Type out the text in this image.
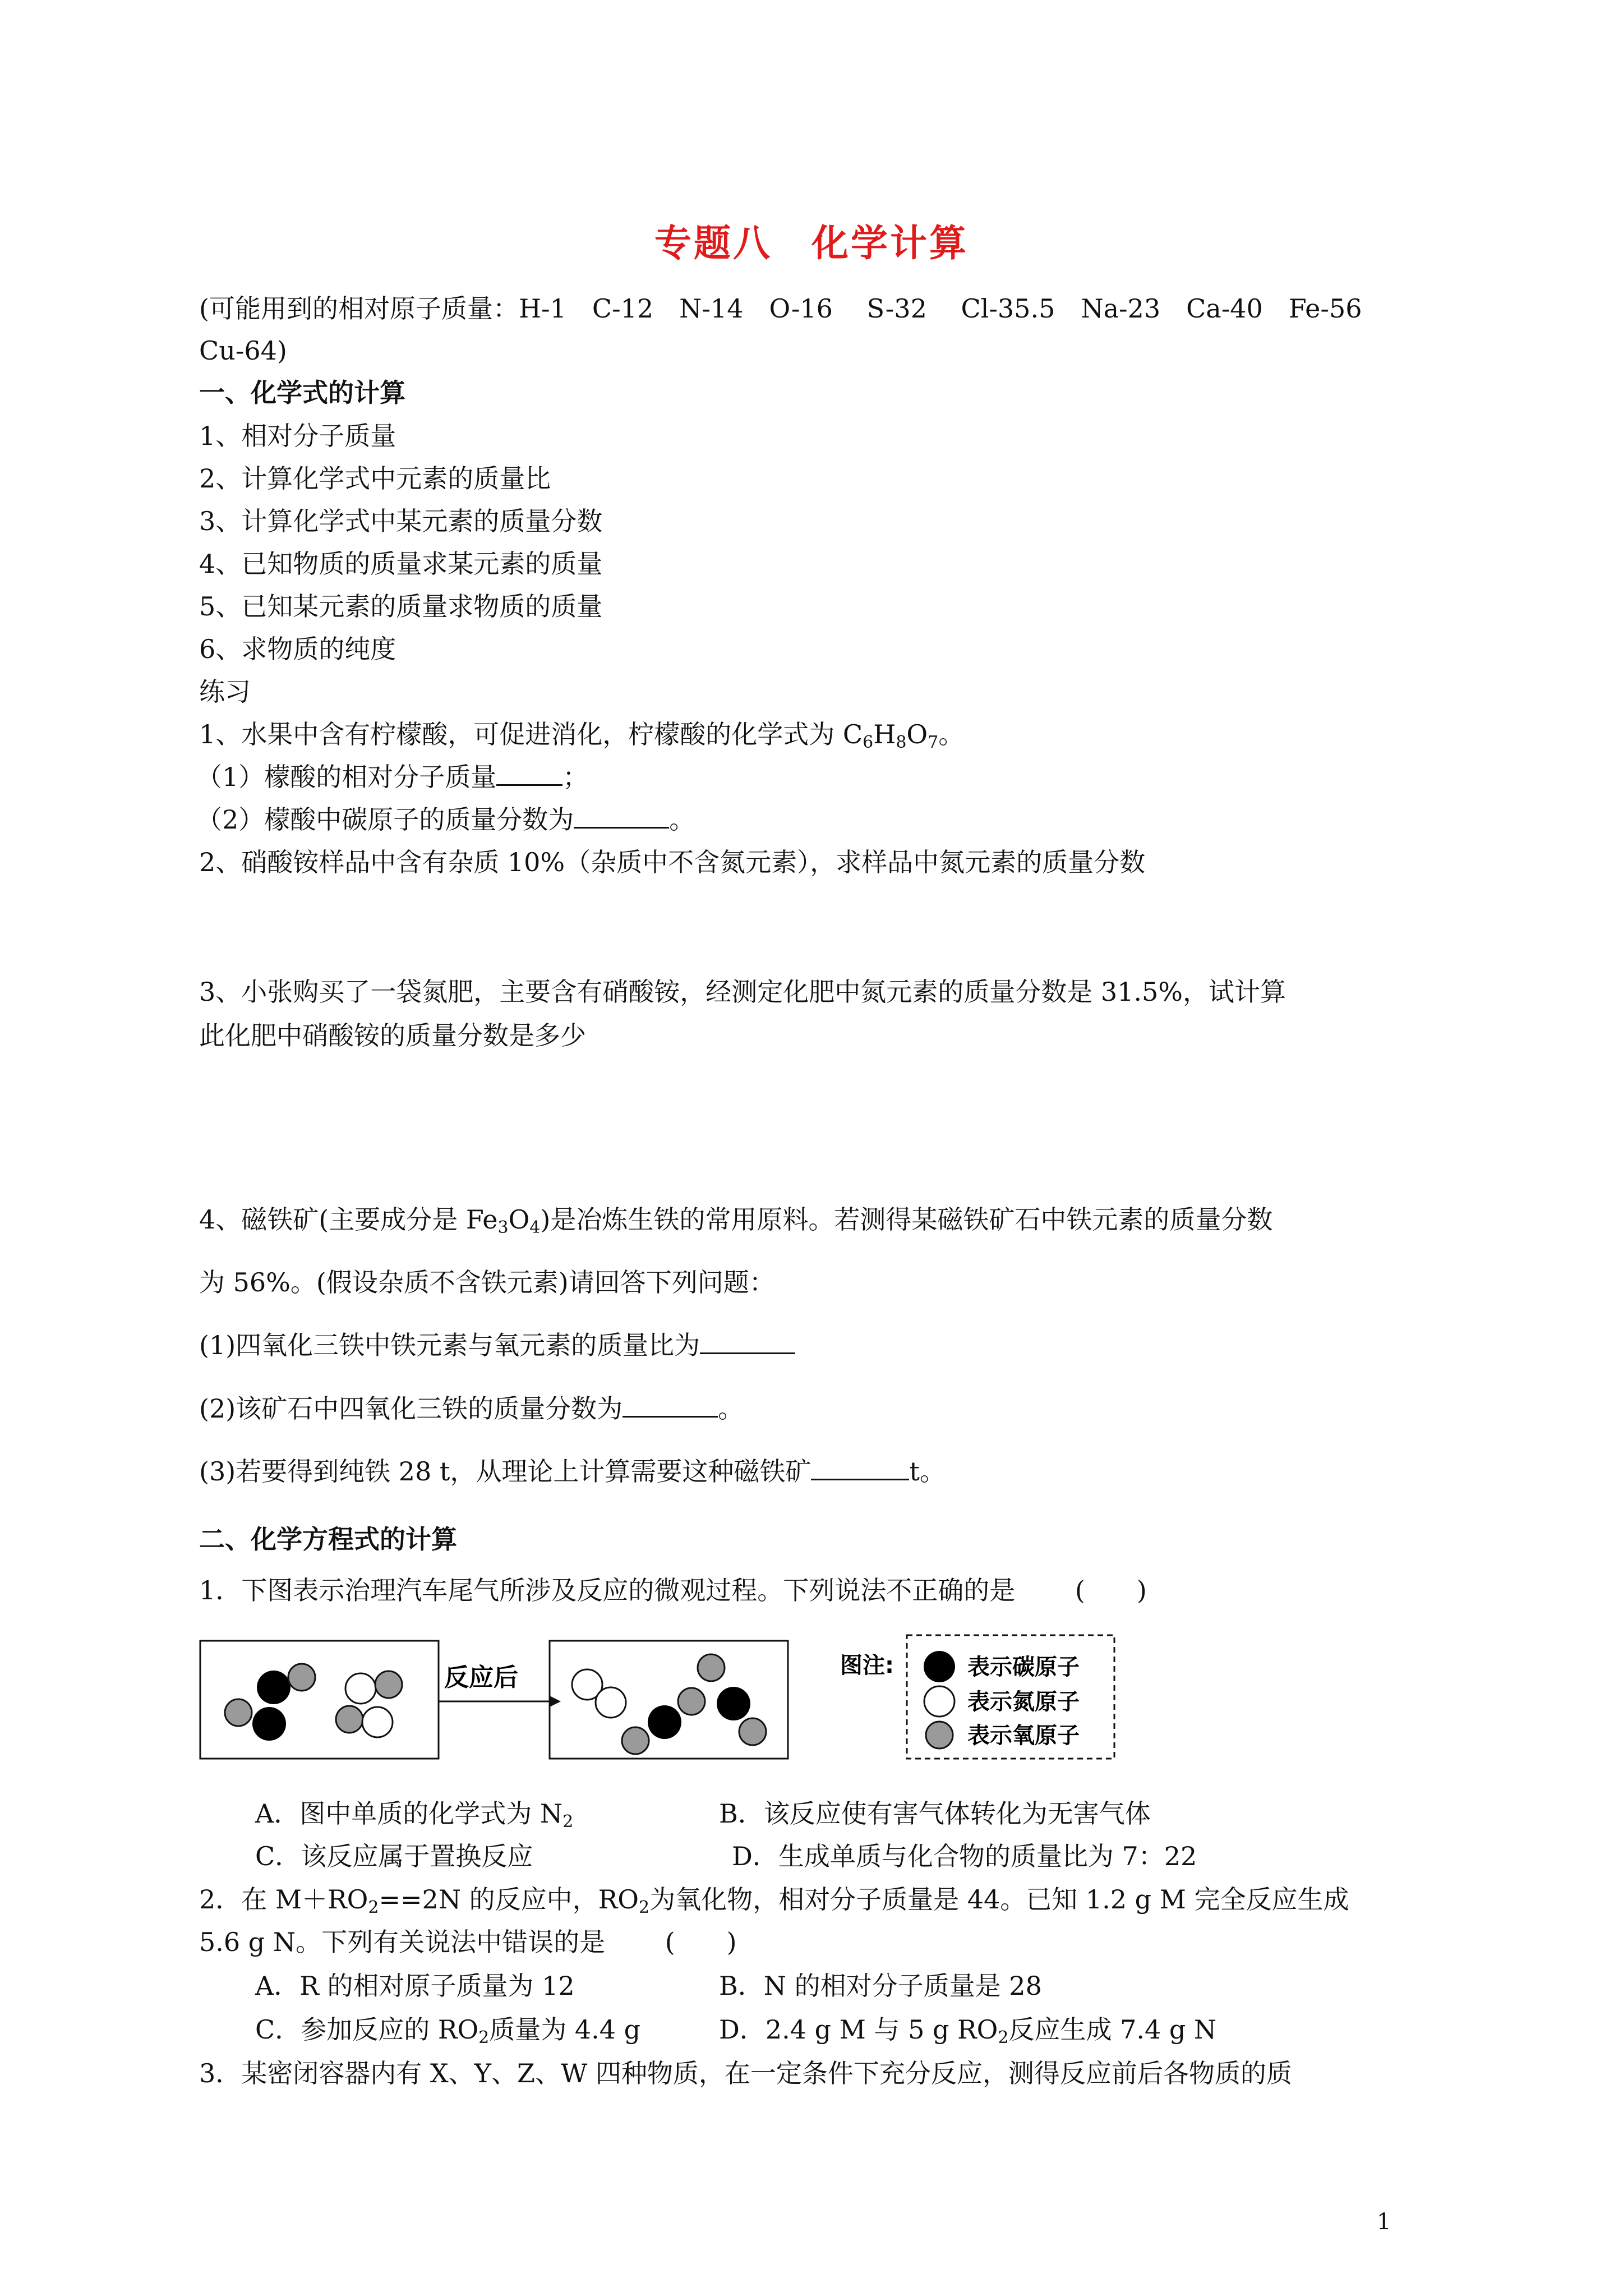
专题八　化学计算
(可能用到的相对原子质量：H-1　C-12　N-14　O-16　 S-32　 Cl-35.5　Na-23　Ca-40　Fe-56
Cu-64)
一、化学式的计算
1、相对分子质量
2、计算化学式中元素的质量比
3、计算化学式中某元素的质量分数
4、已知物质的质量求某元素的质量
5、已知某元素的质量求物质的质量
6、求物质的纯度
练习
1、水果中含有柠檬酸，可促进消化，柠檬酸的化学式为 $C_6H_8O_7$。
（1）檬酸的相对分子质量	；
（2）檬酸中碳原子的质量分数为	。
2、硝酸铵样品中含有杂质 10%（杂质中不含氮元素），求样品中氮元素的质量分数
3、小张购买了一袋氮肥，主要含有硝酸铵，经测定化肥中氮元素的质量分数是 31.5%，试计算
此化肥中硝酸铵的质量分数是多少
4、磁铁矿(主要成分是 $Fe_3O_4$)是冶炼生铁的常用原料。若测得某磁铁矿石中铁元素的质量分数
为 56%。(假设杂质不含铁元素)请回答下列问题：
(1)四氧化三铁中铁元素与氧元素的质量比为
(2)该矿石中四氧化三铁的质量分数为	。
(3)若要得到纯铁 28 t，从理论上计算需要这种磁铁矿	t。
二、化学方程式的计算
1．下图表示治理汽车尾气所涉及反应的微观过程。下列说法不正确的是　　 (　　)
反应后	图注:	表示碳原子
表示氮原子
表示氧原子
A．图中单质的化学式为 $N_2$	B．该反应使有害气体转化为无害气体
C．该反应属于置换反应	D．生成单质与化合物的质量比为 7：22
2．在 $M+RO_2==2N$ 的反应中，$RO_2$为氧化物，相对分子质量是 44。已知 1.2 g M 完全反应生成
5.6 g N。下列有关说法中错误的是　　 (　　)
A．R 的相对原子质量为 12	B．N 的相对分子质量是 28
C．参加反应的 $RO_2$质量为 4.4 g	D．2.4 g M 与 5 g $RO_2$反应生成 7.4 g N
3．某密闭容器内有 X、Y、Z、W 四种物质，在一定条件下充分反应，测得反应前后各物质的质
1
